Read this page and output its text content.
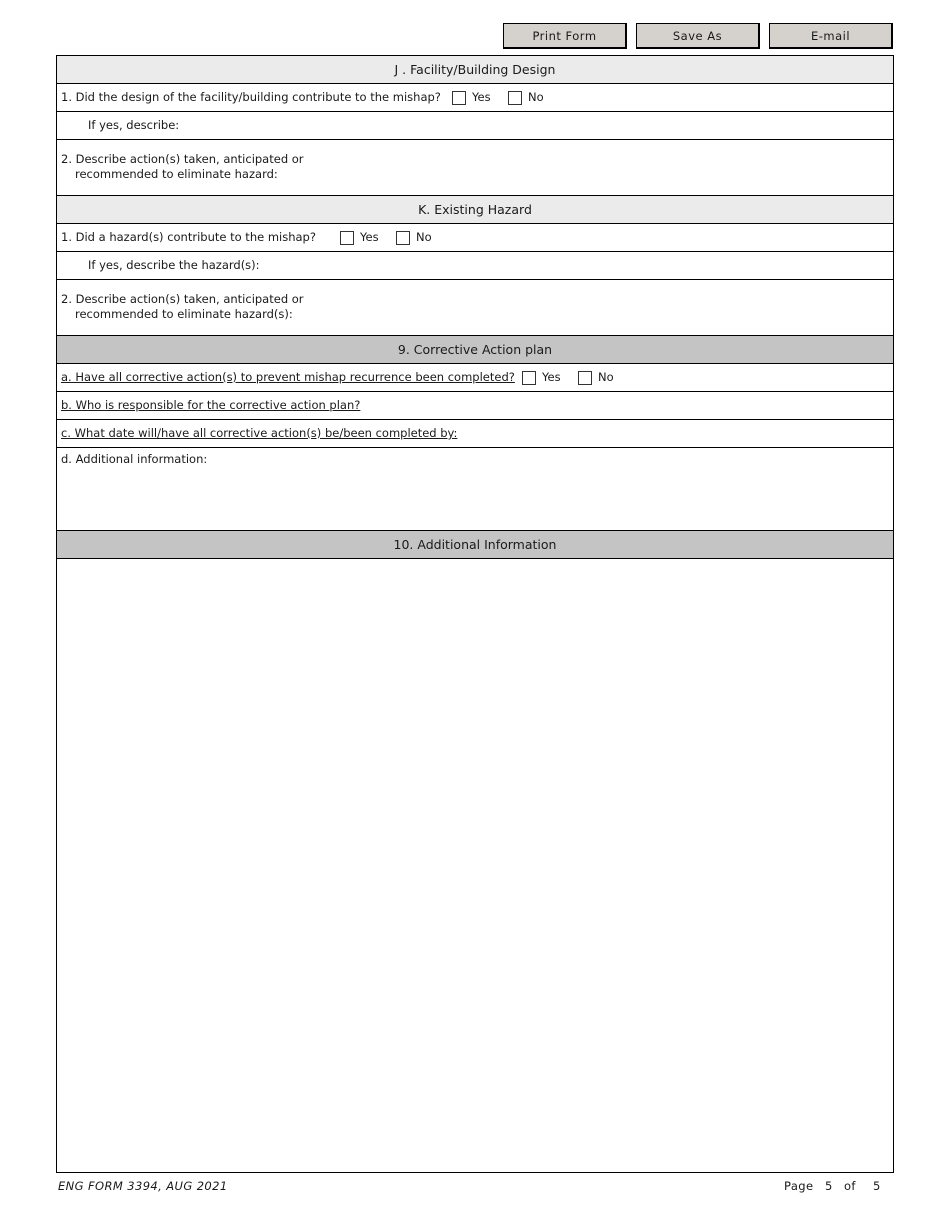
Print Form	Save As	E-mail
J . Facility/Building Design
1. Did the design of the facility/building contribute to the mishap?	Yes	No
If yes, describe:
2. Describe action(s) taken, anticipated or
recommended to eliminate hazard:
K. Existing Hazard
1. Did a hazard(s) contribute to the mishap?	Yes	No
If yes, describe the hazard(s):
2. Describe action(s) taken, anticipated or
recommended to eliminate hazard(s):
9. Corrective Action plan
a. Have all corrective action(s) to prevent mishap recurrence been completed? Yes	No
b. Who is responsible for the corrective action plan?
c. What date will/have all corrective action(s) be/been completed by:
d. Additional information:
10. Additional Information
ENG FORM 3394, AUG 2021	Page 5 of 5
